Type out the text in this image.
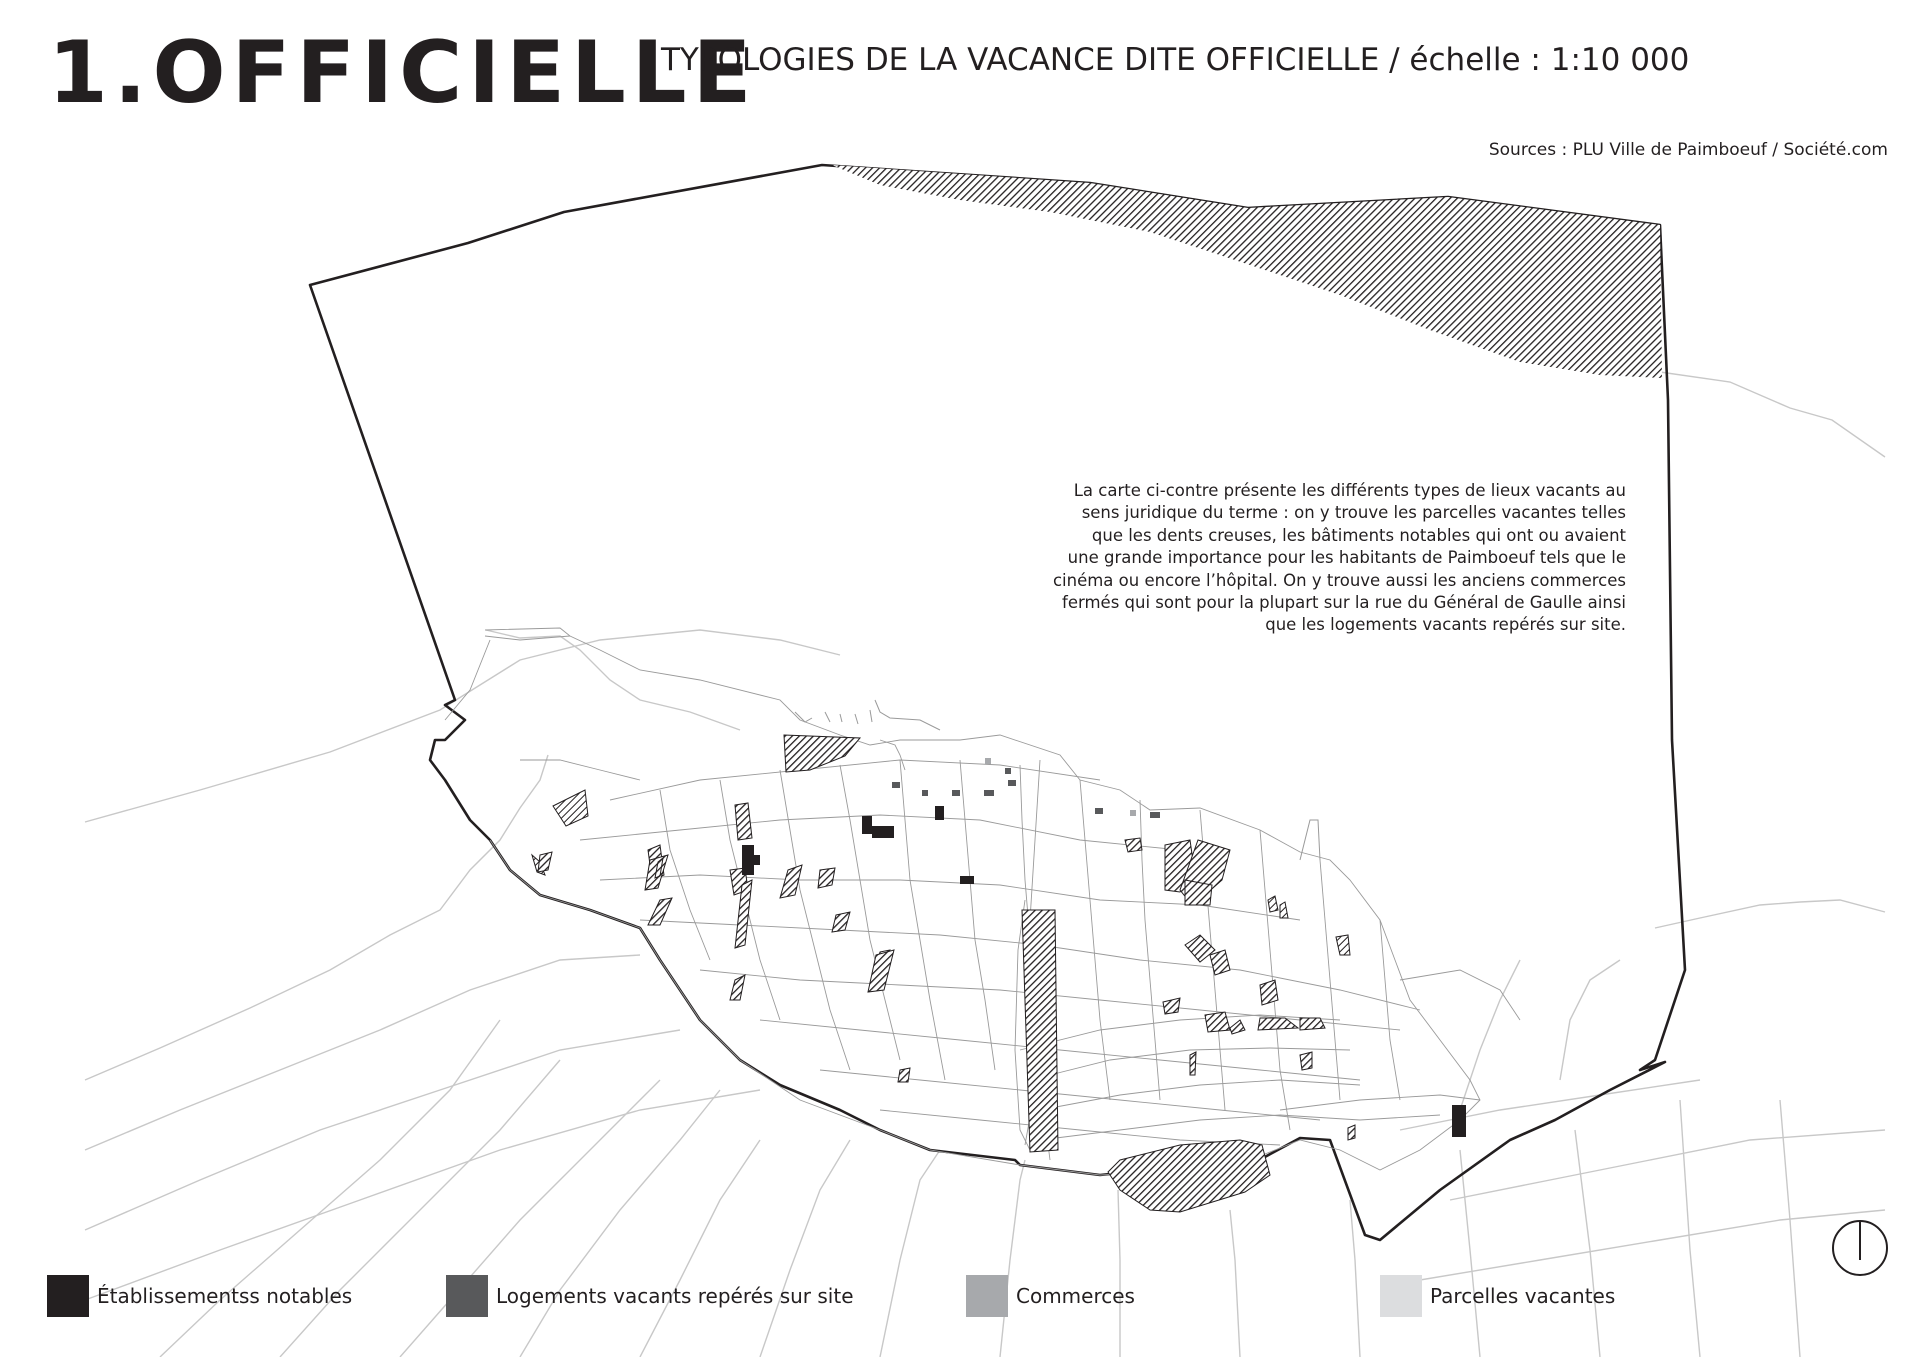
1.OFFICIELLE
TYPOLOGIES DE LA VACANCE DITE OFFICIELLE / échelle : 1:10 000
Sources : PLU Ville de Paimboeuf / Société.com
La carte ci-contre présente les différents types de lieux vacants au
sens juridique du terme : on y trouve les parcelles vacantes telles
que les dents creuses, les bâtiments notables qui ont ou avaient
une grande importance pour les habitants de Paimboeuf tels que le
cinéma ou encore l’hôpital. On y trouve aussi les anciens commerces
fermés qui sont pour la plupart sur la rue du Général de Gaulle ainsi
que les logements vacants repérés sur site.
Établissementss notables	Logements vacants repérés sur site	Commerces	Parcelles vacantes
